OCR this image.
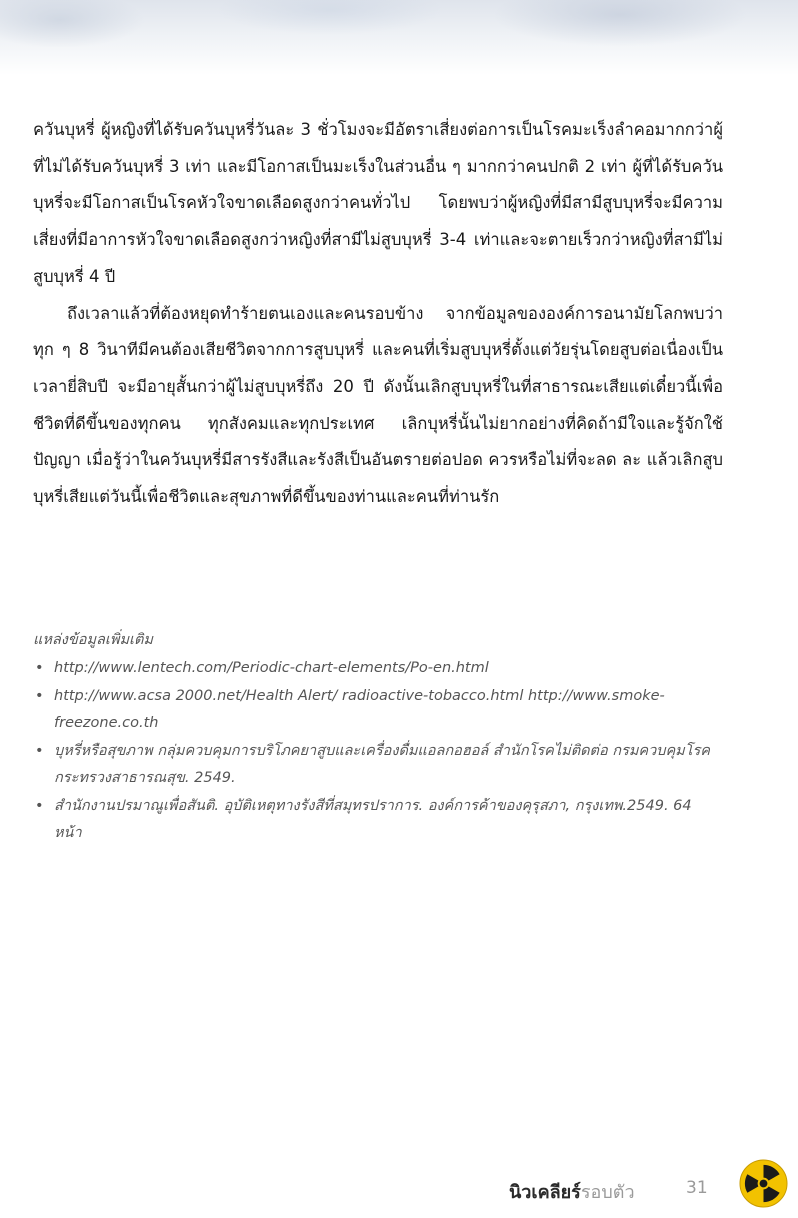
ควันบุหรี่ ผู้หญิงที่ได้รับควันบุหรี่วันละ 3 ชั่วโมงจะมีอัตราเสี่ยงต่อการเป็นโรคมะเร็งลำคอมากกว่าผู้ที่ไม่ได้รับควันบุหรี่ 3 เท่า และมีโอกาสเป็นมะเร็งในส่วนอื่น ๆ มากกว่าคนปกติ 2 เท่า ผู้ที่ได้รับควันบุหรี่จะมีโอกาสเป็นโรคหัวใจขาดเลือดสูงกว่าคนทั่วไป โดยพบว่าผู้หญิงที่มีสามีสูบบุหรี่จะมีความเสี่ยงที่มีอาการหัวใจขาดเลือดสูงกว่าหญิงที่สามีไม่สูบบุหรี่ 3-4 เท่าและจะตายเร็วกว่าหญิงที่สามีไม่สูบบุหรี่ 4 ปี

ถึงเวลาแล้วที่ต้องหยุดทำร้ายตนเองและคนรอบข้าง จากข้อมูลขององค์การอนามัยโลกพบว่าทุก ๆ 8 วินาทีมีคนต้องเสียชีวิตจากการสูบบุหรี่ และคนที่เริ่มสูบบุหรี่ตั้งแต่วัยรุ่นโดยสูบต่อเนื่องเป็นเวลายี่สิบปี จะมีอายุสั้นกว่าผู้ไม่สูบบุหรี่ถึง 20 ปี ดังนั้นเลิกสูบบุหรี่ในที่สาธารณะเสียแต่เดี๋ยวนี้เพื่อชีวิตที่ดีขึ้นของทุกคน ทุกสังคมและทุกประเทศ เลิกบุหรี่นั้นไม่ยากอย่างที่คิดถ้ามีใจและรู้จักใช้ปัญญา เมื่อรู้ว่าในควันบุหรี่มีสารรังสีและรังสีเป็นอันตรายต่อปอด ควรหรือไม่ที่จะลด ละ แล้วเลิกสูบบุหรี่เสียแต่วันนี้เพื่อชีวิตและสุขภาพที่ดีขึ้นของท่านและคนที่ท่านรัก

แหล่งข้อมูลเพิ่มเติม

• http://www.lentech.com/Periodic-chart-elements/Po-en.html
• http://www.acsa 2000.net/Health Alert/ radioactive-tobacco.html http://www.smoke-freezone.co.th
• บุหรี่หรือสุขภาพ กลุ่มควบคุมการบริโภคยาสูบและเครื่องดื่มแอลกอฮอล์ สำนักโรคไม่ติดต่อ กรมควบคุมโรค กระทรวงสาธารณสุข. 2549.
• สำนักงานปรมาณูเพื่อสันติ. อุบัติเหตุทางรังสีที่สมุทรปราการ. องค์การค้าของคุรุสภา, กรุงเทพ.2549. 64 หน้า
นิวเคลียร์รอบตัว	31
